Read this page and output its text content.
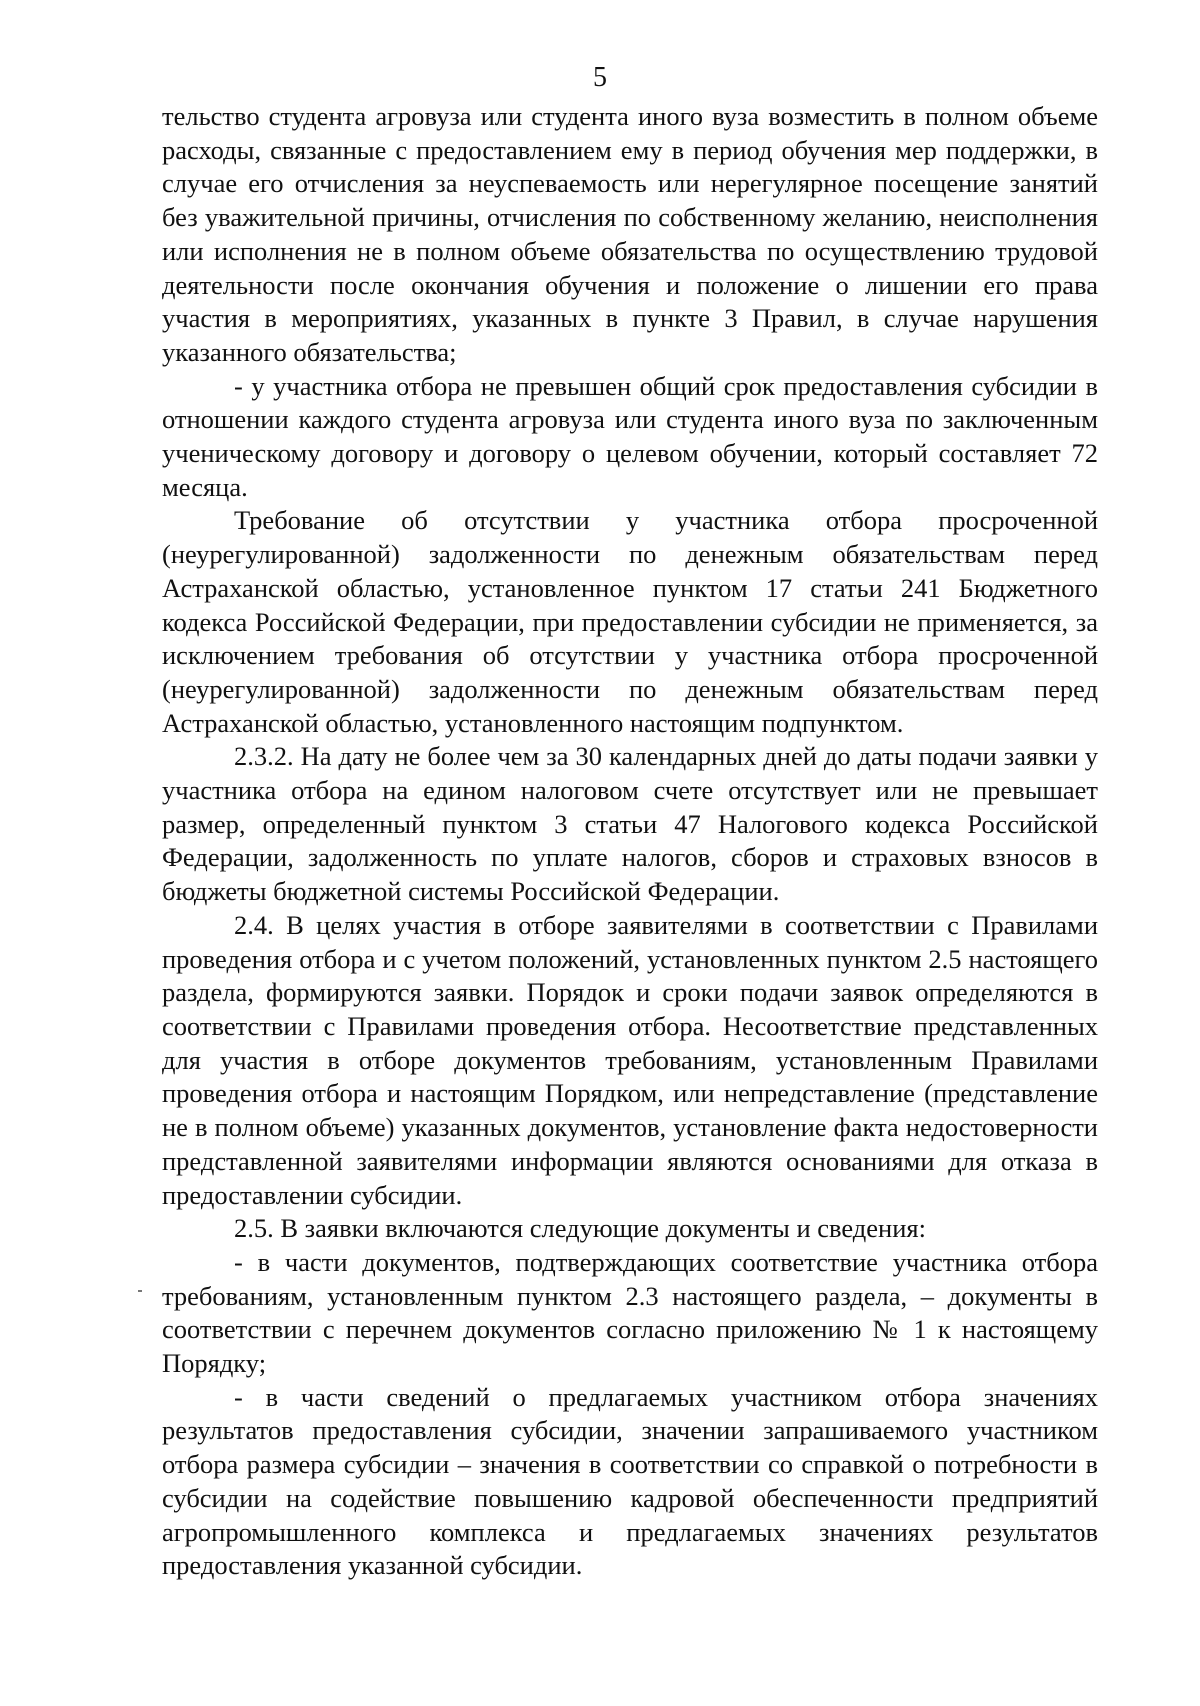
5

тельство студента агровуза или студента иного вуза возместить в полном объеме расходы, связанные с предоставлением ему в период обучения мер поддержки, в случае его отчисления за неуспеваемость или нерегулярное посещение занятий без уважительной причины, отчисления по собственному желанию, неисполнения или исполнения не в полном объеме обязательства по осуществлению трудовой деятельности после окончания обучения и положение о лишении его права участия в мероприятиях, указанных в пункте 3 Правил, в случае нарушения указанного обязательства;

- у участника отбора не превышен общий срок предоставления субсидии в отношении каждого студента агровуза или студента иного вуза по заключенным ученическому договору и договору о целевом обучении, который составляет 72 месяца.

Требование об отсутствии у участника отбора просроченной (неурегулированной) задолженности по денежным обязательствам перед Астраханской областью, установленное пунктом 17 статьи 241 Бюджетного кодекса Российской Федерации, при предоставлении субсидии не применяется, за исключением требования об отсутствии у участника отбора просроченной (неурегулированной) задолженности по денежным обязательствам перед Астраханской областью, установленного настоящим подпунктом.

2.3.2. На дату не более чем за 30 календарных дней до даты подачи заявки у участника отбора на едином налоговом счете отсутствует или не превышает размер, определенный пунктом 3 статьи 47 Налогового кодекса Российской Федерации, задолженность по уплате налогов, сборов и страховых взносов в бюджеты бюджетной системы Российской Федерации.

2.4. В целях участия в отборе заявителями в соответствии с Правилами проведения отбора и с учетом положений, установленных пунктом 2.5 настоящего раздела, формируются заявки. Порядок и сроки подачи заявок определяются в соответствии с Правилами проведения отбора. Несоответствие представленных для участия в отборе документов требованиям, установленным Правилами проведения отбора и настоящим Порядком, или непредставление (представление не в полном объеме) указанных документов, установление факта недостоверности представленной заявителями информации являются основаниями для отказа в предоставлении субсидии.

2.5. В заявки включаются следующие документы и сведения:

- в части документов, подтверждающих соответствие участника отбора требованиям, установленным пунктом 2.3 настоящего раздела, – документы в соответствии с перечнем документов согласно приложению № 1 к настоящему Порядку;

- в части сведений о предлагаемых участником отбора значениях результатов предоставления субсидии, значении запрашиваемого участником отбора размера субсидии – значения в соответствии со справкой о потребности в субсидии на содействие повышению кадровой обеспеченности предприятий агропромышленного комплекса и предлагаемых значениях результатов предоставления указанной субсидии.
